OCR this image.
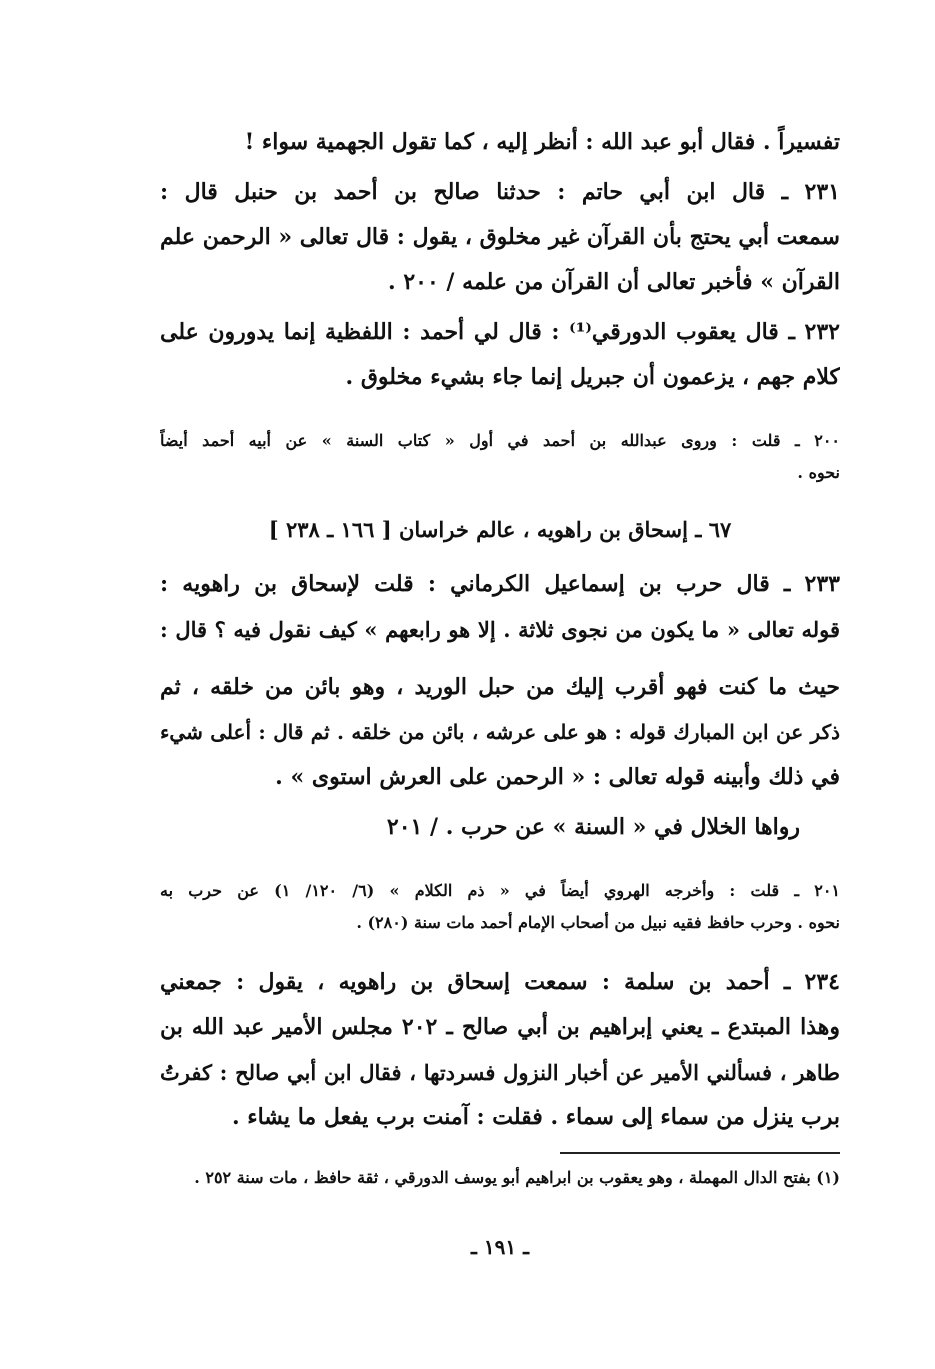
تفسيراً . فقال أبو عبد الله : أنظر إليه ، كما تقول الجهمية سواء !

٢٣١ ـ قال ابن أبي حاتم : حدثنا صالح بن أحمد بن حنبل قال :
سمعت أبي يحتج بأن القرآن غير مخلوق ، يقول : قال تعالى « الرحمن علم
القرآن » فأخبر تعالى أن القرآن من علمه / ٢٠٠ .

٢٣٢ ـ قال يعقوب الدورقي⁽¹⁾ : قال لي أحمد : اللفظية إنما يدورون على
كلام جهم ، يزعمون أن جبريل إنما جاء بشيء مخلوق .

٢٠٠ ـ قلت : وروى عبدالله بن أحمد في أول « كتاب السنة » عن أبيه أحمد أيضاً
نحوه .

٦٧ ـ إسحاق بن راهويه ، عالم خراسان [ ١٦٦ ـ ٢٣٨ ]

٢٣٣ ـ قال حرب بن إسماعيل الكرماني : قلت لإسحاق بن راهويه :
قوله تعالى « ما يكون من نجوى ثلاثة . إلا هو رابعهم » كيف نقول فيه ؟ قال :

حيث ما كنت فهو أقرب إليك من حبل الوريد ، وهو بائن من خلقه ، ثم
ذكر عن ابن المبارك قوله : هو على عرشه ، بائن من خلقه . ثم قال : أعلى شيء
في ذلك وأبينه قوله تعالى : « الرحمن على العرش استوى » .

رواها الخلال في « السنة » عن حرب . / ٢٠١

٢٠١ ـ قلت : وأخرجه الهروي أيضاً في « ذم الكلام » (٦/ ١٢٠/ ١) عن حرب به
نحوه . وحرب حافظ فقيه نبيل من أصحاب الإمام أحمد مات سنة (٢٨٠) .

٢٣٤ ـ أحمد بن سلمة : سمعت إسحاق بن راهويه ، يقول : جمعني
وهذا المبتدع ـ يعني إبراهيم بن أبي صالح ـ ٢٠٢ مجلس الأمير عبد الله بن
طاهر ، فسألني الأمير عن أخبار النزول فسردتها ، فقال ابن أبي صالح : كفرتُ
برب ينزل من سماء إلى سماء . فقلت : آمنت برب يفعل ما يشاء .

(١) بفتح الدال المهملة ، وهو يعقوب بن ابراهيم أبو يوسف الدورقي ، ثقة حافظ ، مات سنة ٢٥٢ .

ـ ١٩١ ـ
